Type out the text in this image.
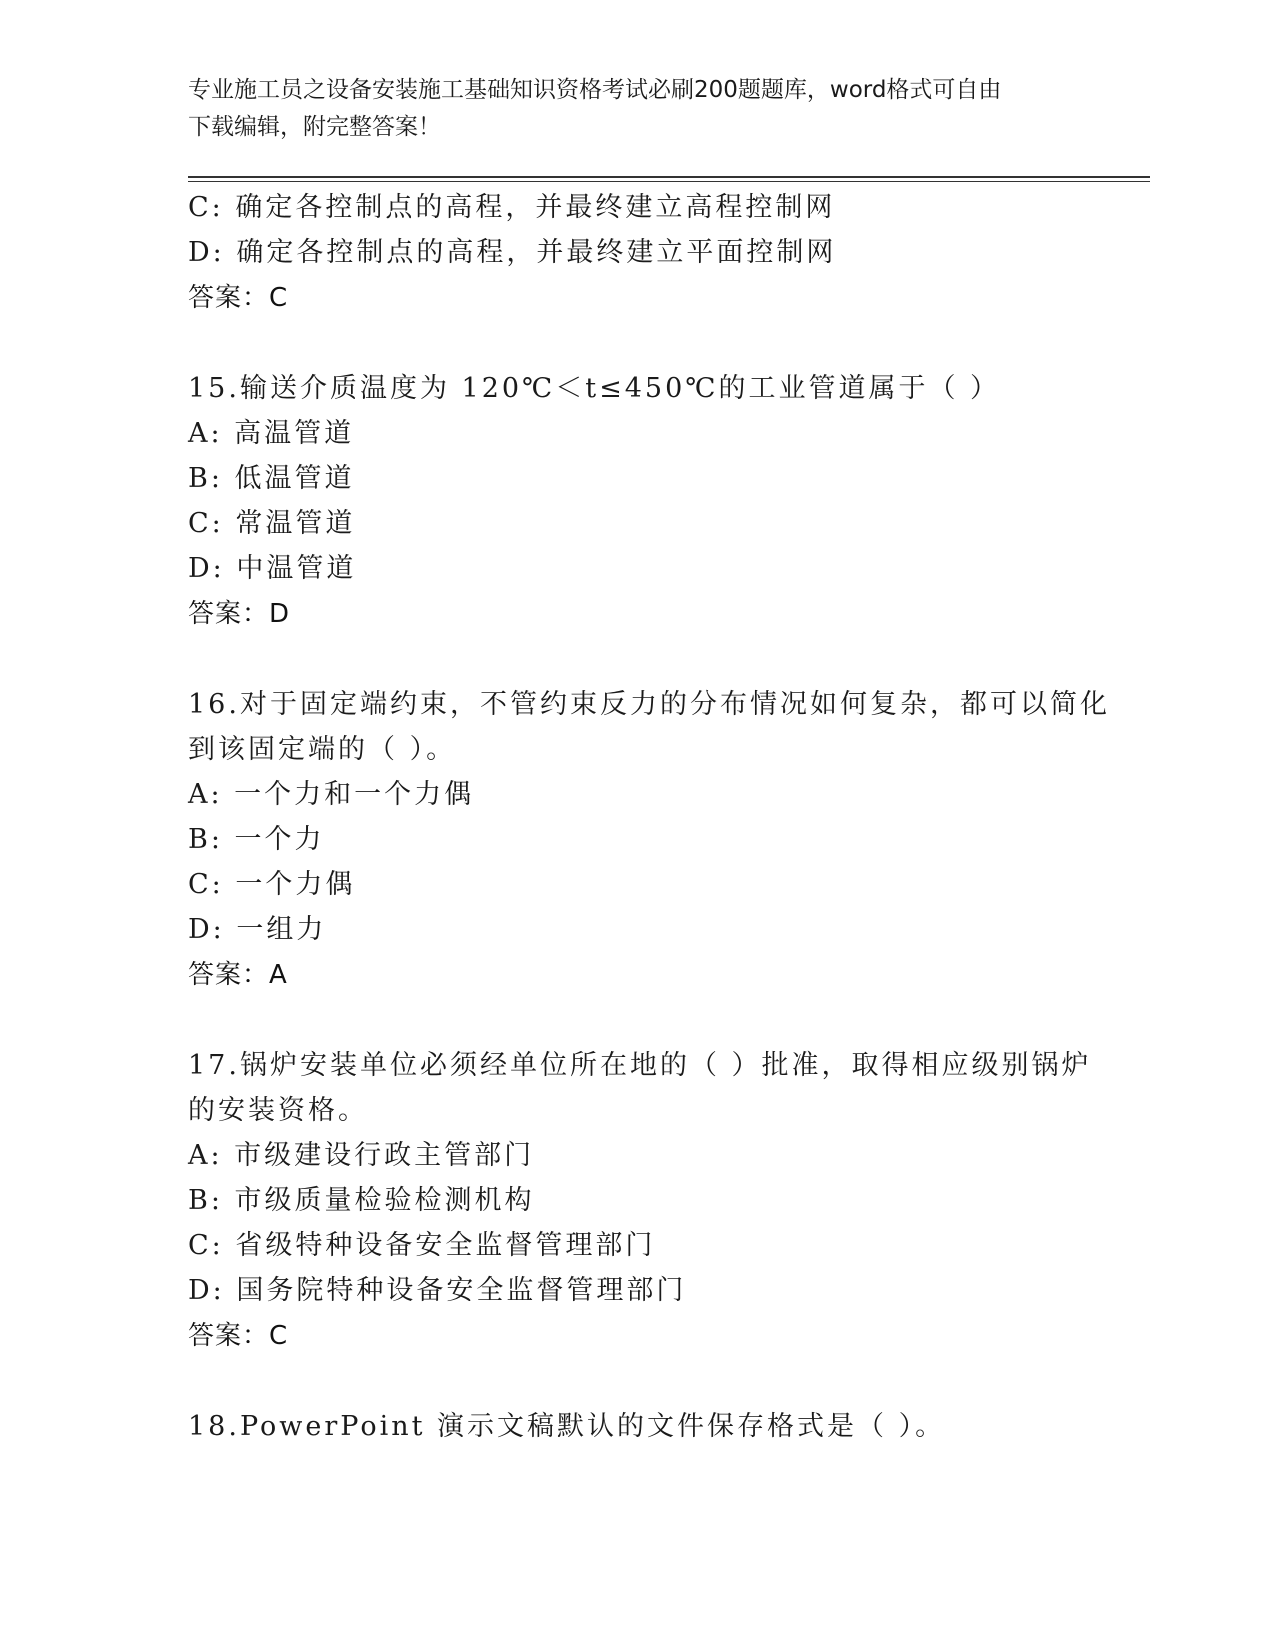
专业施工员之设备安装施工基础知识资格考试必刷200题题库，word格式可自由
下载编辑，附完整答案！
C: 确定各控制点的高程，并最终建立高程控制网
D: 确定各控制点的高程，并最终建立平面控制网
答案：C
15.输送介质温度为 120℃＜t≤450℃的工业管道属于（ ）
A: 高温管道
B: 低温管道
C: 常温管道
D: 中温管道
答案：D
16.对于固定端约束，不管约束反力的分布情况如何复杂，都可以简化
到该固定端的（ ）。
A: 一个力和一个力偶
B: 一个力
C: 一个力偶
D: 一组力
答案：A
17.锅炉安装单位必须经单位所在地的（ ）批准，取得相应级别锅炉
的安装资格。
A: 市级建设行政主管部门
B: 市级质量检验检测机构
C: 省级特种设备安全监督管理部门
D: 国务院特种设备安全监督管理部门
答案：C
18.PowerPoint 演示文稿默认的文件保存格式是（ ）。
